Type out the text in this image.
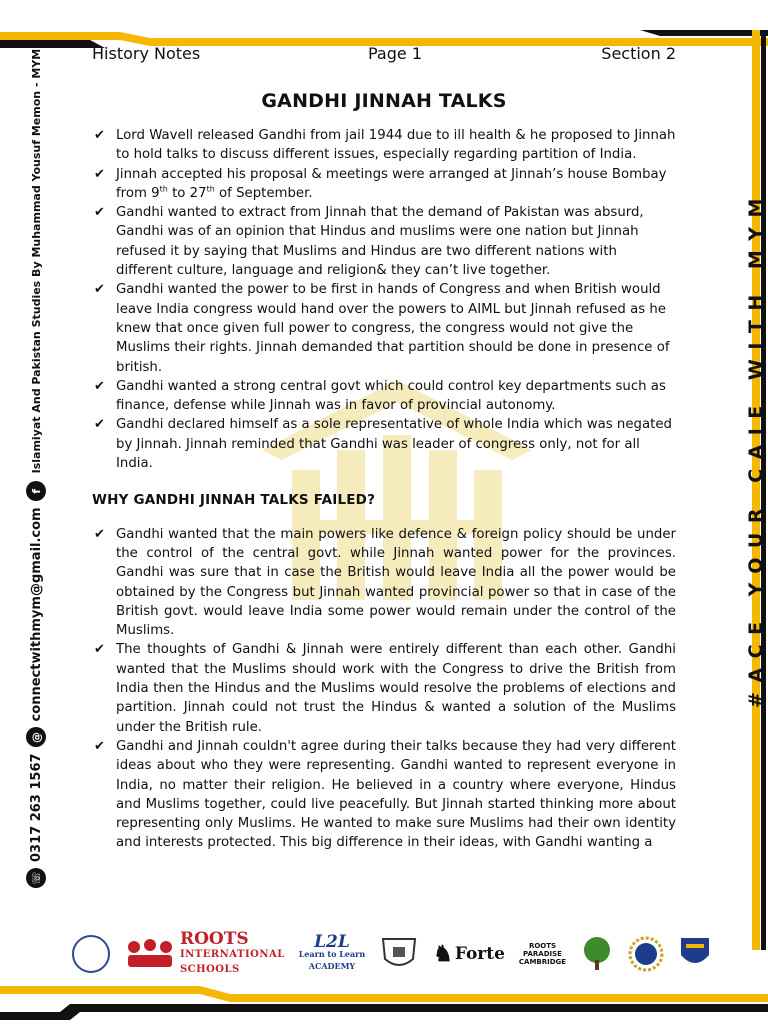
History Notes	Page 1	Section 2
GANDHI JINNAH TALKS
✔ Lord Wavell released Gandhi from jail 1944 due to ill health & he proposed to Jinnah to hold talks to discuss different issues, especially regarding partition of India.
✔ Jinnah accepted his proposal & meetings were arranged at Jinnah’s house Bombay from 9th to 27th of September.
✔ Gandhi wanted to extract from Jinnah that the demand of Pakistan was absurd, Gandhi was of an opinion that Hindus and muslims were one nation but Jinnah refused it by saying that Muslims and Hindus are two different nations with different culture, language and religion& they can’t live together.
✔ Gandhi wanted the power to be first in hands of Congress and when British would leave India congress would hand over the powers to AIML but Jinnah refused as he knew that once given full power to congress, the congress would not give the Muslims their rights. Jinnah demanded that partition should be done in presence of british.
✔ Gandhi wanted a strong central govt which could control key departments such as finance, defense while Jinnah was in favor of provincial autonomy.
✔ Gandhi declared himself as a sole representative of whole India which was negated by Jinnah. Jinnah reminded that Gandhi was leader of congress only, not for all India.
WHY GANDHI JINNAH TALKS FAILED?
✔ Gandhi wanted that the main powers like defence & foreign policy should be under the control of the central govt. while Jinnah wanted power for the provinces. Gandhi was sure that in case the British would leave India all the power would be obtained by the Congress but Jinnah wanted provincial power so that in case of the British govt. would leave India some power would remain under the control of the Muslims.
✔ The thoughts of Gandhi & Jinnah were entirely different than each other. Gandhi wanted that the Muslims should work with the Congress to drive the British from India then the Hindus and the Muslims would resolve the problems of elections and partition. Jinnah could not trust the Hindus & wanted a solution of the Muslims under the British rule.
✔ Gandhi and Jinnah couldn't agree during their talks because they had very different ideas about who they were representing. Gandhi wanted to represent everyone in India, no matter their religion. He believed in a country where everyone, Hindus and Muslims together, could live peacefully. But Jinnah started thinking more about representing only Muslims. He wanted to make sure Muslims had their own identity and interests protected. This big difference in their ideas, with Gandhi wanting a
☏
0317 263 1567
@
connectwithmym@gmail.com
f
Islamiyat And Pakistan Studies By Muhammad Yousuf Memon - MYM	#ACE YOUR CAIE WITH MYM
ROOTS
INTERNATIONAL
SCHOOLS
L2L
Learn to Learn
ACADEMY	♞ Forte	ROOTS
PARADISE
CAMBRIDGE
